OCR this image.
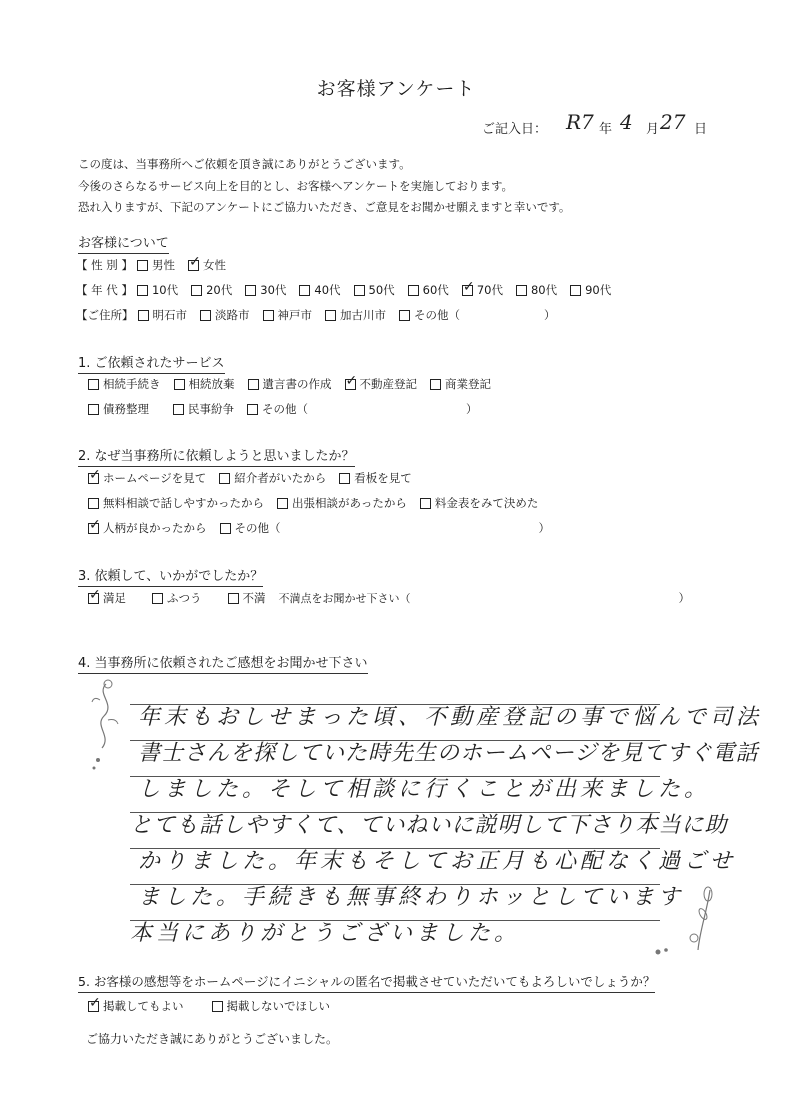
お客様アンケート
ご記入日： R7 年 4 月 27 日
この度は、当事務所へご依頼を頂き誠にありがとうございます。
今後のさらなるサービス向上を目的とし、お客様へアンケートを実施しております。
恐れ入りますが、下記のアンケートにご協力いただき、ご意見をお聞かせ願えますと幸いです。
お客様について
【 性 別 】 男性 ✓ 女性
【 年 代 】 10代 20代 30代 40代 50代 60代 ✓ 70代 80代 90代
【ご住所】 明石市 淡路市 神戸市 加古川市 その他（	）
1. ご依頼されたサービス
相続手続き 相続放棄 遺言書の作成 ✓ 不動産登記 商業登記
債務整理	民事紛争 その他（	）
2. なぜ当事務所に依頼しようと思いましたか？
✓
ホームページを見て 紹介者がいたから 看板を見て
無料相談で話しやすかったから 出張相談があったから 料金表をみて決めた
✓
人柄が良かったから その他（	）
3. 依頼して、いかがでしたか？
✓
満足	ふつう	不満 不満点をお聞かせ下さい（	）
4. 当事務所に依頼されたご感想をお聞かせ下さい
年末もおしせまった頃、不動産登記の事で悩んで司法
書士さんを探していた時先生のホームページを見てすぐ電話
しました。そして相談に行くことが出来ました。
とても話しやすくて、ていねいに説明して下さり本当に助
かりました。年末もそしてお正月も心配なく過ごせ
ました。手続きも無事終わりホッとしています
本当にありがとうございました。
5. お客様の感想等をホームページにイニシャルの匿名で掲載させていただいてもよろしいでしょうか？
✓
掲載してもよい	掲載しないでほしい
ご協力いただき誠にありがとうございました。
